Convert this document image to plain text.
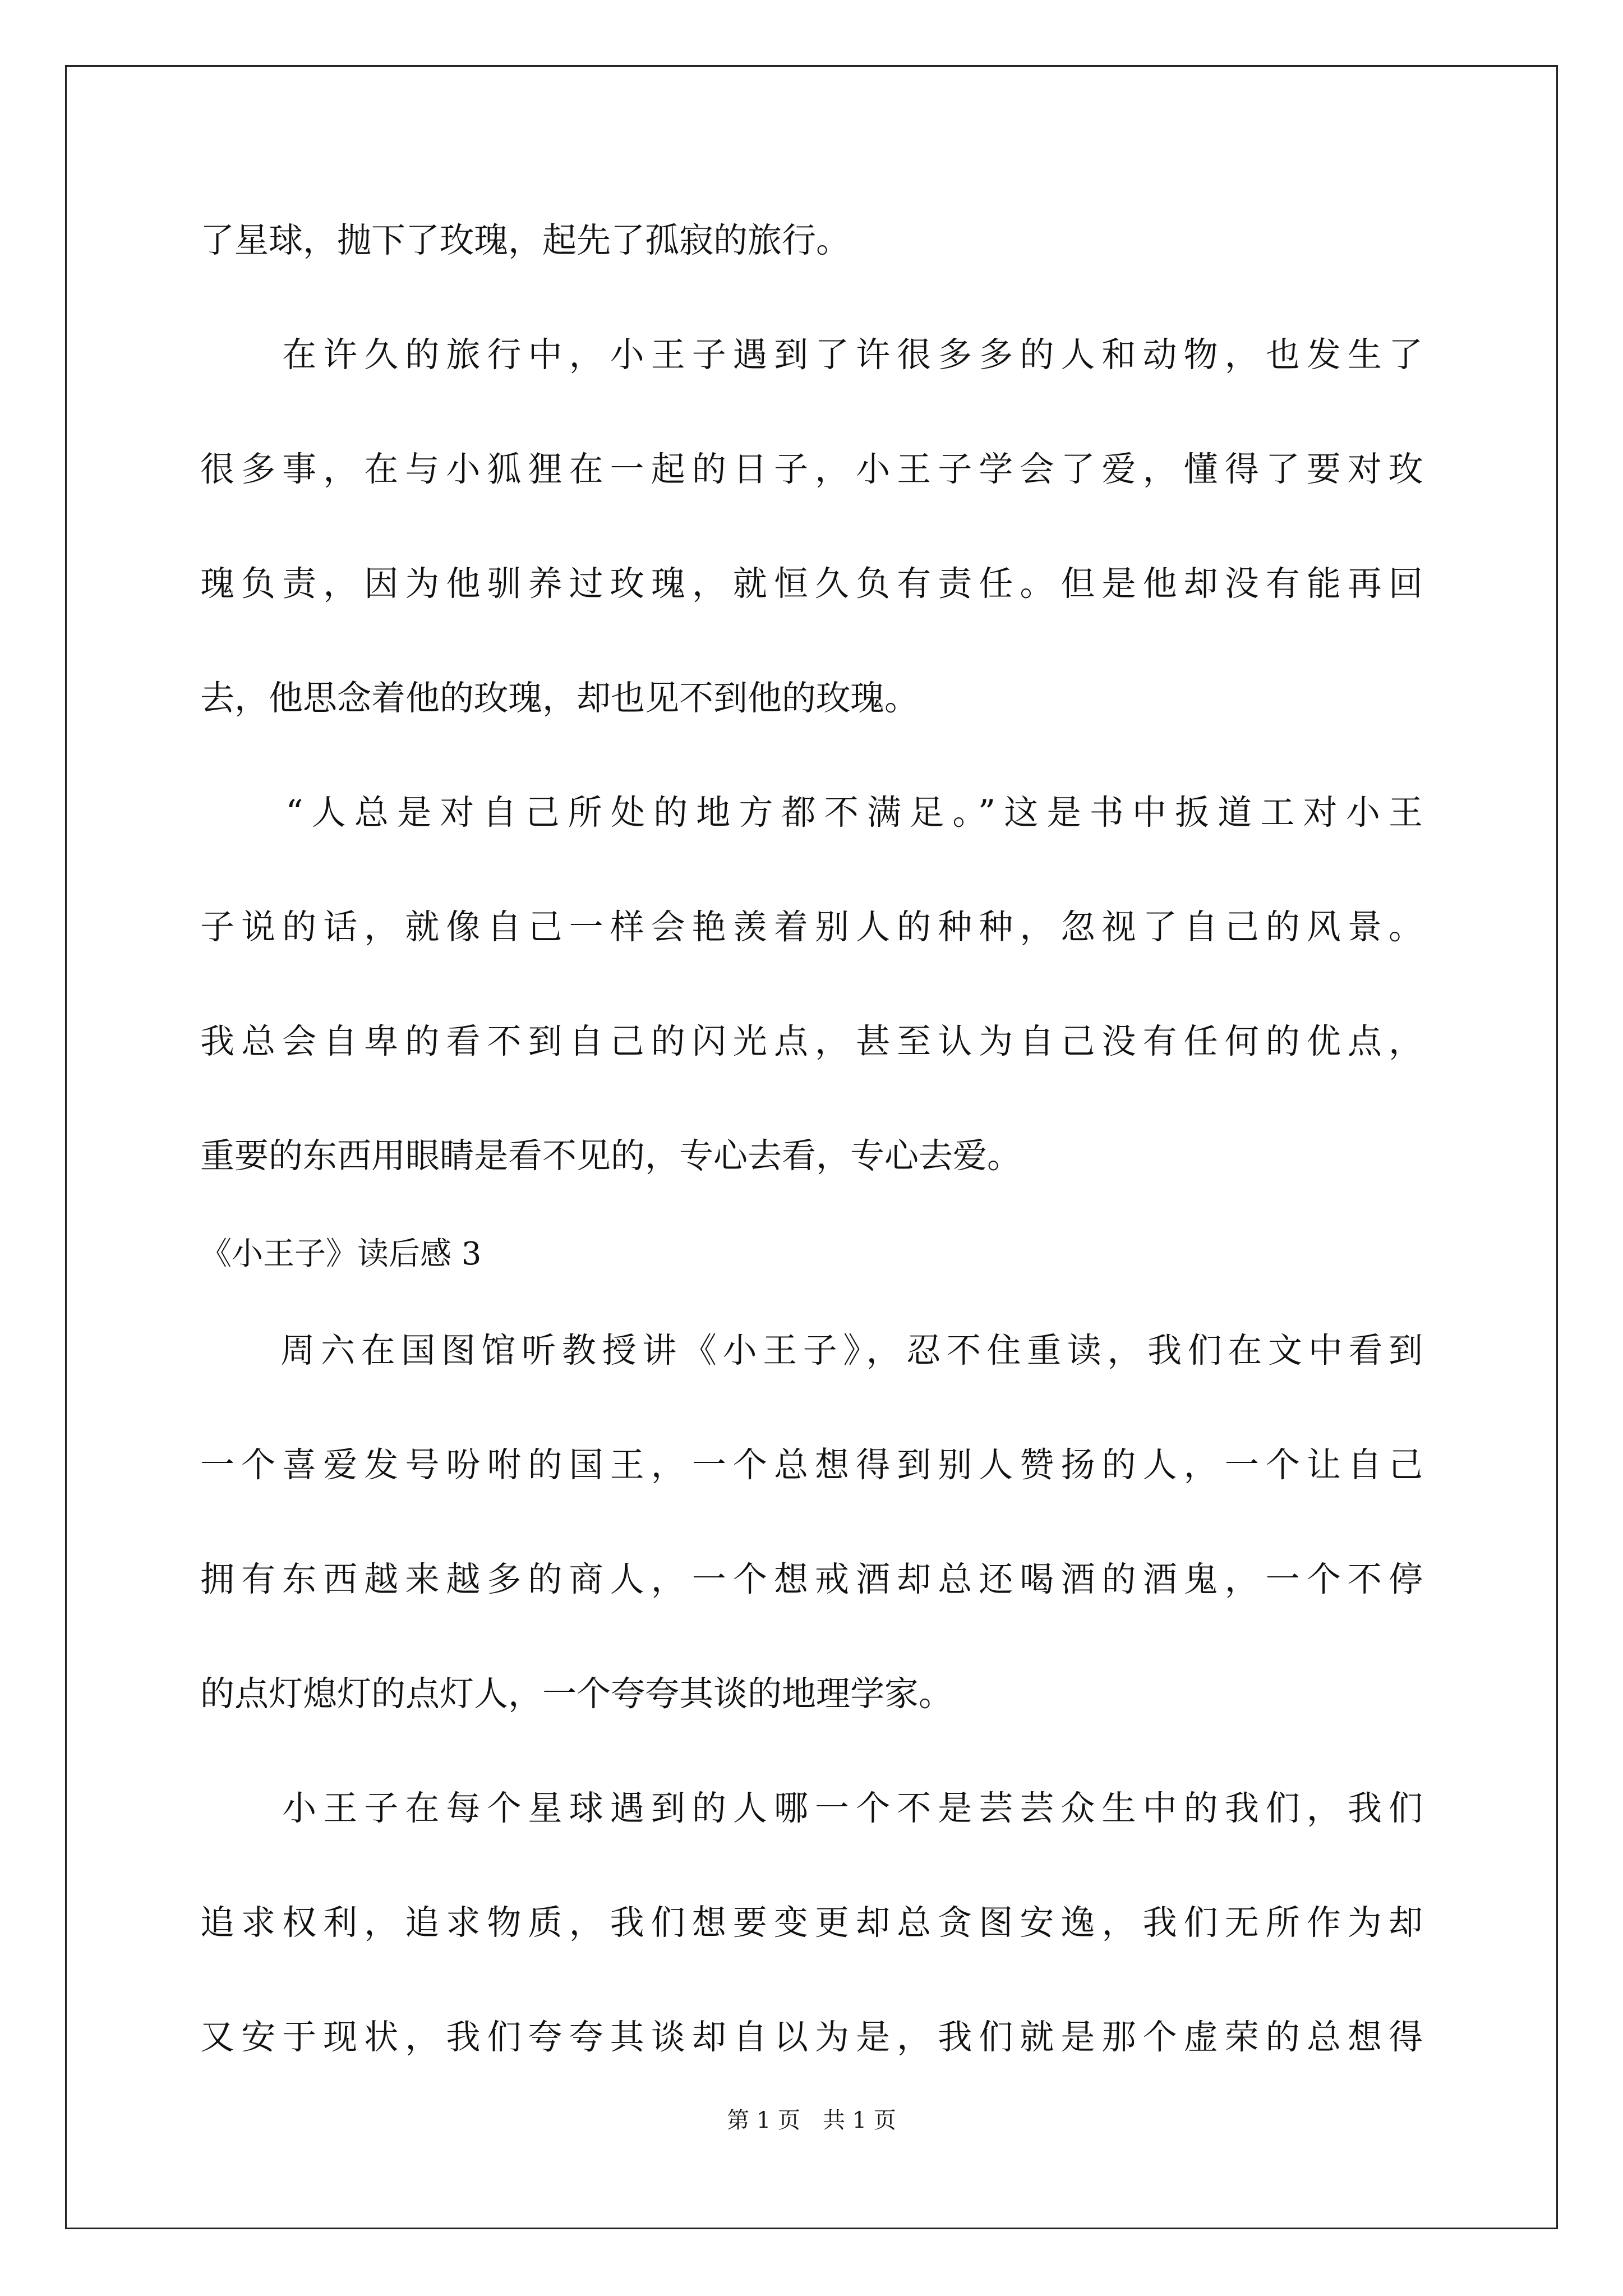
了星球，抛下了玫瑰，起先了孤寂的旅行。
　　在许久的旅行中，小王子遇到了许很多多的人和动物，也发生了
很多事，在与小狐狸在一起的日子，小王子学会了爱，懂得了要对玫
瑰负责，因为他驯养过玫瑰，就恒久负有责任。但是他却没有能再回
去，他思念着他的玫瑰，却也见不到他的玫瑰。
　　“人总是对自己所处的地方都不满足。”这是书中扳道工对小王
子说的话，就像自己一样会艳羡着别人的种种，忽视了自己的风景。
我总会自卑的看不到自己的闪光点，甚至认为自己没有任何的优点，
重要的东西用眼睛是看不见的，专心去看，专心去爱。
《小王子》读后感 3
　　周六在国图馆听教授讲《小王子》，忍不住重读，我们在文中看到
一个喜爱发号吩咐的国王，一个总想得到别人赞扬的人，一个让自己
拥有东西越来越多的商人，一个想戒酒却总还喝酒的酒鬼，一个不停
的点灯熄灯的点灯人，一个夸夸其谈的地理学家。
　　小王子在每个星球遇到的人哪一个不是芸芸众生中的我们，我们
追求权利，追求物质，我们想要变更却总贪图安逸，我们无所作为却
又安于现状，我们夸夸其谈却自以为是，我们就是那个虚荣的总想得
第 1 页　共 1 页
